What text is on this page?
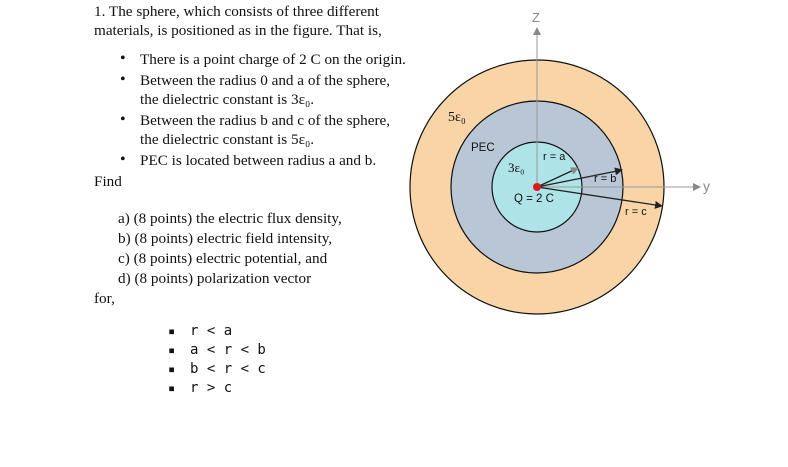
1. The sphere, which consists of three different materials, is positioned as in the figure. That is,

• There is a point charge of 2 C on the origin.
• Between the radius 0 and a of the sphere, the dielectric constant is 3ε₀.
• Between the radius b and c of the sphere, the dielectric constant is 5ε₀.
• PEC is located between radius a and b.

Find

a) (8 points) the electric flux density,
b) (8 points) electric field intensity,
c) (8 points) electric potential, and
d) (8 points) polarization vector

for,

▪ r < a
▪ a < r < b
▪ b < r < c
▪ r > c
Z
y
5ε₀
PEC
3ε₀
Q = 2 C
r = a
r = b
r = c
